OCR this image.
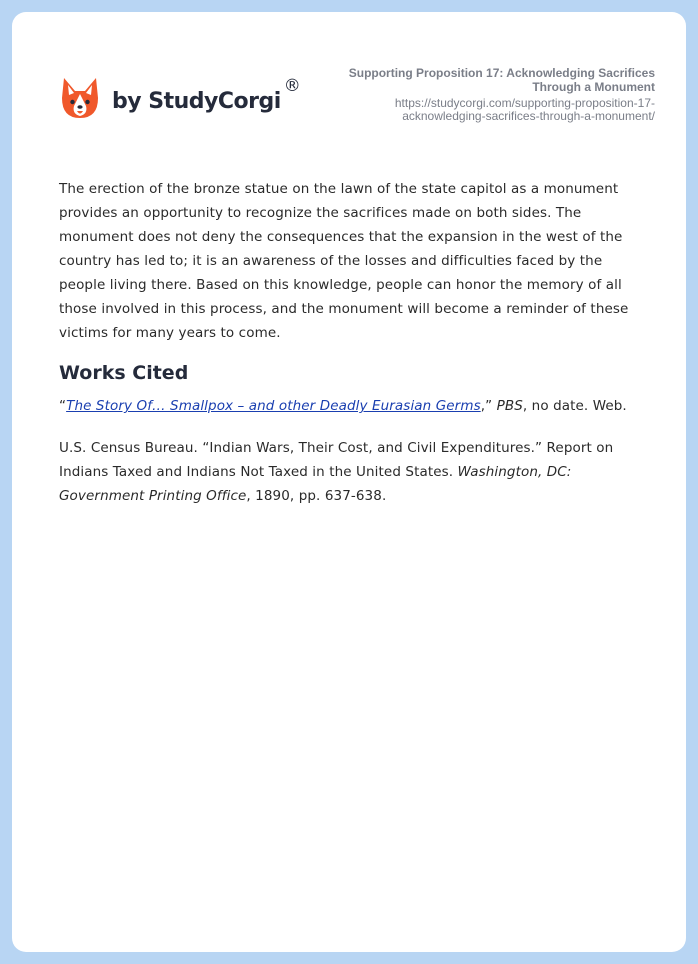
by StudyCorgi
®
Supporting Proposition 17: Acknowledging Sacrifices Through a Monument
https://studycorgi.com/supporting-proposition-17-acknowledging-sacrifices-through-a-monument/

The erection of the bronze statue on the lawn of the state capitol as a monument provides an opportunity to recognize the sacrifices made on both sides. The monument does not deny the consequences that the expansion in the west of the country has led to; it is an awareness of the losses and difficulties faced by the people living there. Based on this knowledge, people can honor the memory of all those involved in this process, and the monument will become a reminder of these victims for many years to come.

Works Cited

“The Story Of… Smallpox – and other Deadly Eurasian Germs,” PBS, no date. Web.

U.S. Census Bureau. “Indian Wars, Their Cost, and Civil Expenditures.” Report on Indians Taxed and Indians Not Taxed in the United States. Washington, DC: Government Printing Office, 1890, pp. 637-638.
